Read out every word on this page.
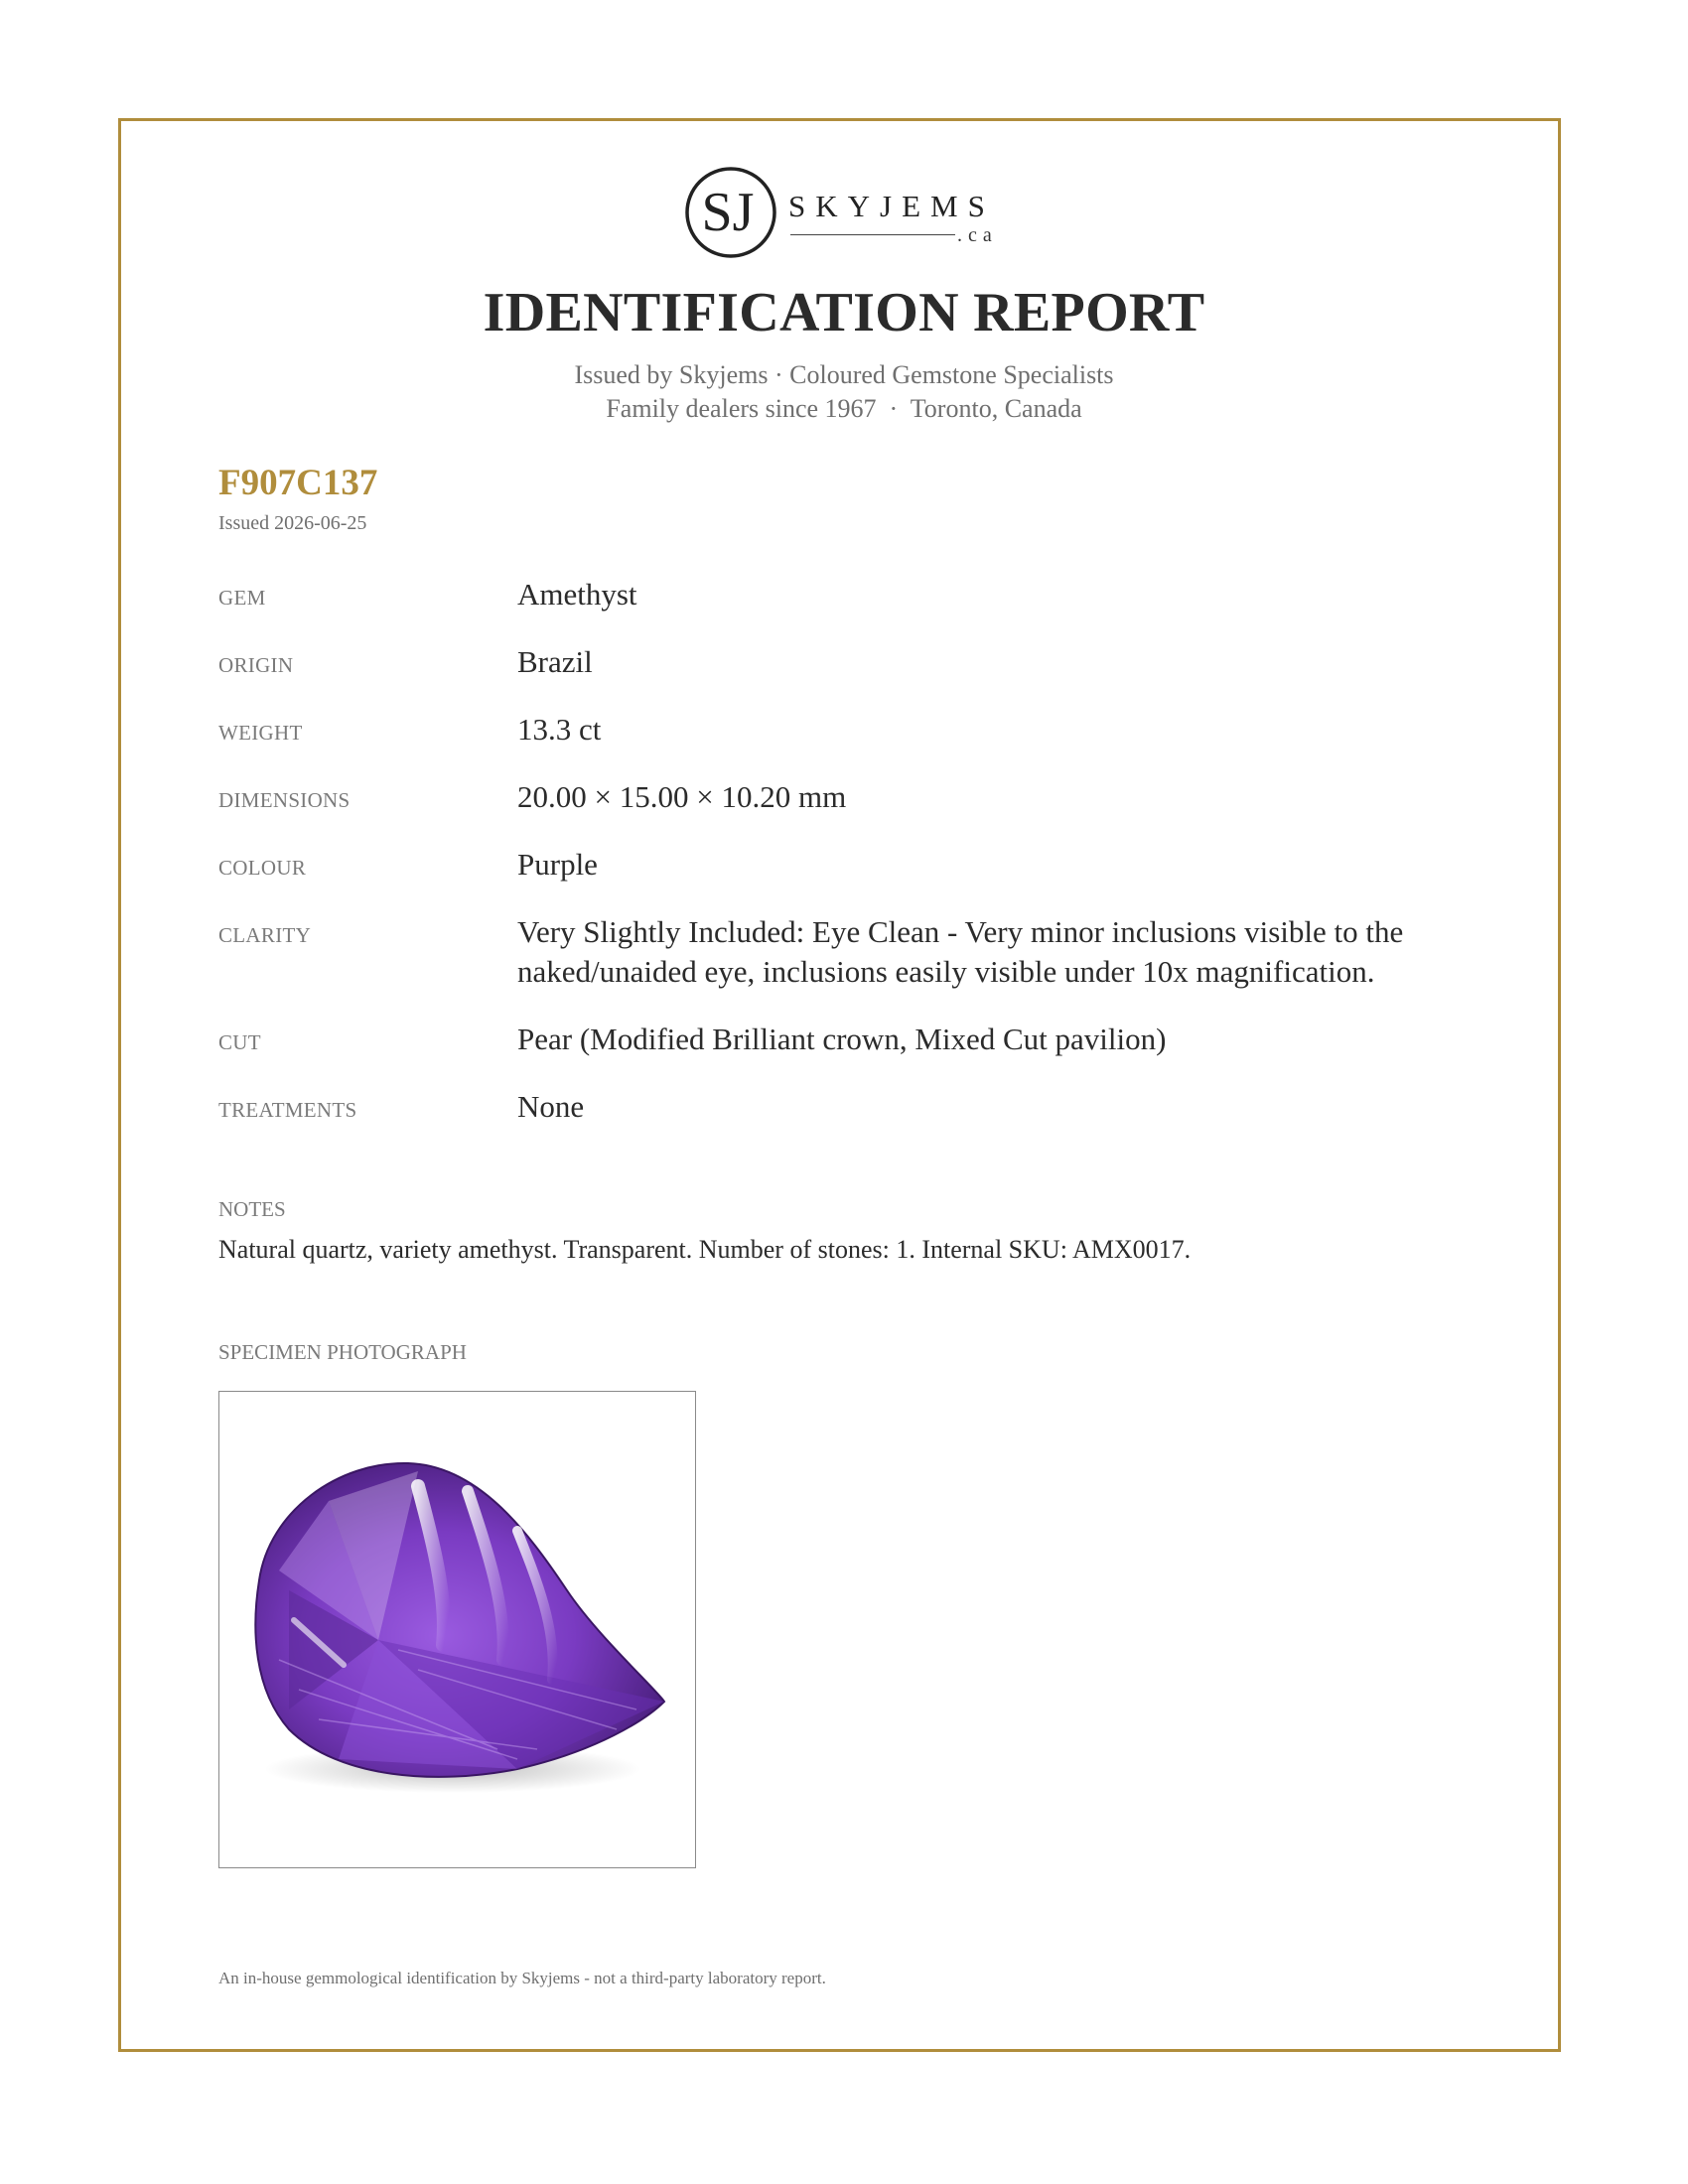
SJ SKYJEMS
.ca
IDENTIFICATION REPORT
Issued by Skyjems · Coloured Gemstone Specialists
Family dealers since 1967  ·  Toronto, Canada
F907C137
Issued 2026-06-25
GEM	Amethyst
ORIGIN	Brazil
WEIGHT	13.3 ct
DIMENSIONS	20.00 × 15.00 × 10.20 mm
COLOUR	Purple
CLARITY	Very Slightly Included: Eye Clean - Very minor inclusions visible to the naked/unaided eye, inclusions easily visible under 10x magnification.
CUT	Pear (Modified Brilliant crown, Mixed Cut pavilion)
TREATMENTS	None
NOTES
Natural quartz, variety amethyst. Transparent. Number of stones: 1. Internal SKU: AMX0017.
SPECIMEN PHOTOGRAPH
An in-house gemmological identification by Skyjems - not a third-party laboratory report.
